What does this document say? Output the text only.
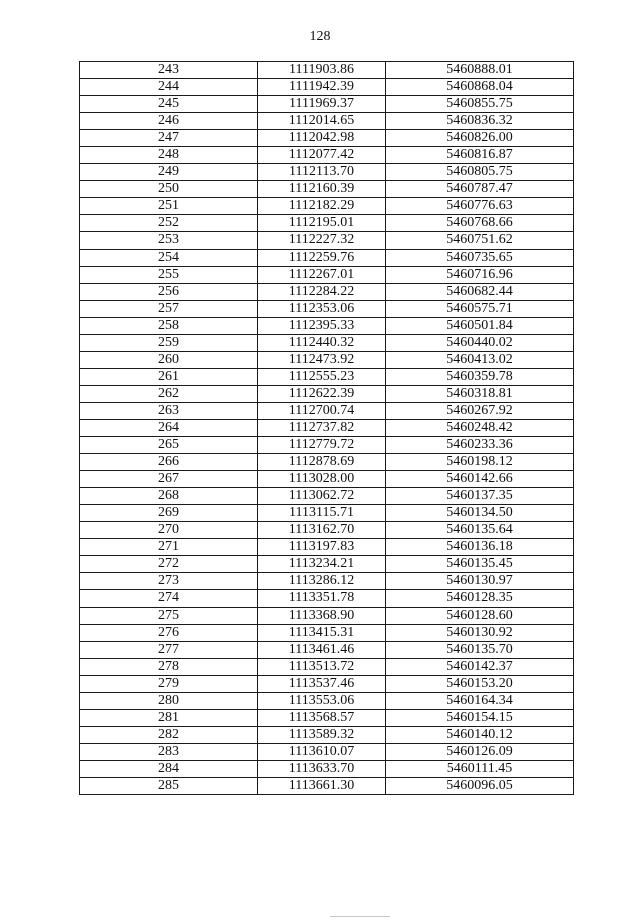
128
243	1111903.86	5460888.01
244	1111942.39	5460868.04
245	1111969.37	5460855.75
246	1112014.65	5460836.32
247	1112042.98	5460826.00
248	1112077.42	5460816.87
249	1112113.70	5460805.75
250	1112160.39	5460787.47
251	1112182.29	5460776.63
252	1112195.01	5460768.66
253	1112227.32	5460751.62
254	1112259.76	5460735.65
255	1112267.01	5460716.96
256	1112284.22	5460682.44
257	1112353.06	5460575.71
258	1112395.33	5460501.84
259	1112440.32	5460440.02
260	1112473.92	5460413.02
261	1112555.23	5460359.78
262	1112622.39	5460318.81
263	1112700.74	5460267.92
264	1112737.82	5460248.42
265	1112779.72	5460233.36
266	1112878.69	5460198.12
267	1113028.00	5460142.66
268	1113062.72	5460137.35
269	1113115.71	5460134.50
270	1113162.70	5460135.64
271	1113197.83	5460136.18
272	1113234.21	5460135.45
273	1113286.12	5460130.97
274	1113351.78	5460128.35
275	1113368.90	5460128.60
276	1113415.31	5460130.92
277	1113461.46	5460135.70
278	1113513.72	5460142.37
279	1113537.46	5460153.20
280	1113553.06	5460164.34
281	1113568.57	5460154.15
282	1113589.32	5460140.12
283	1113610.07	5460126.09
284	1113633.70	5460111.45
285	1113661.30	5460096.05
